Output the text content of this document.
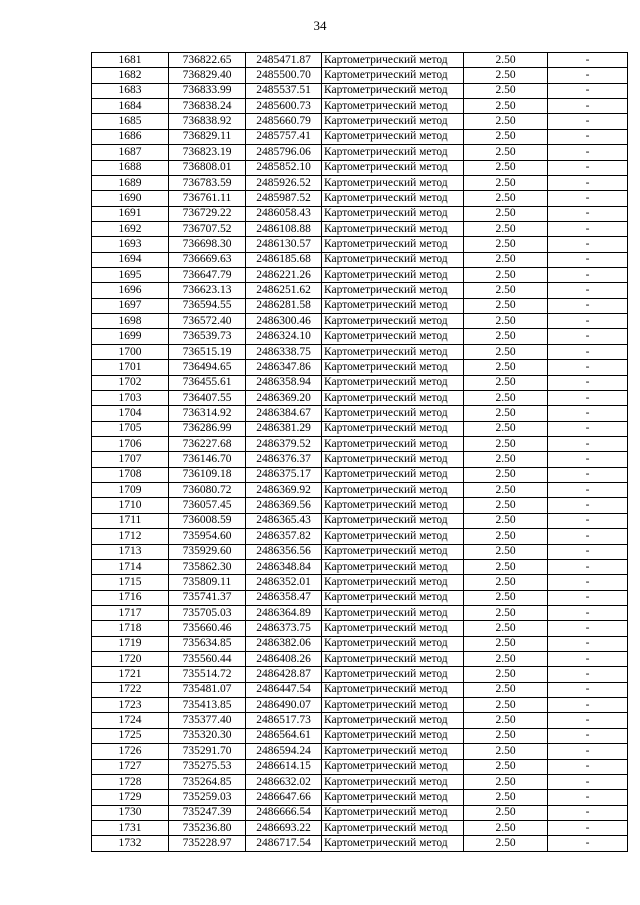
34
1681	736822.65	2485471.87	Картометрический метод	2.50	-
1682	736829.40	2485500.70	Картометрический метод	2.50	-
1683	736833.99	2485537.51	Картометрический метод	2.50	-
1684	736838.24	2485600.73	Картометрический метод	2.50	-
1685	736838.92	2485660.79	Картометрический метод	2.50	-
1686	736829.11	2485757.41	Картометрический метод	2.50	-
1687	736823.19	2485796.06	Картометрический метод	2.50	-
1688	736808.01	2485852.10	Картометрический метод	2.50	-
1689	736783.59	2485926.52	Картометрический метод	2.50	-
1690	736761.11	2485987.52	Картометрический метод	2.50	-
1691	736729.22	2486058.43	Картометрический метод	2.50	-
1692	736707.52	2486108.88	Картометрический метод	2.50	-
1693	736698.30	2486130.57	Картометрический метод	2.50	-
1694	736669.63	2486185.68	Картометрический метод	2.50	-
1695	736647.79	2486221.26	Картометрический метод	2.50	-
1696	736623.13	2486251.62	Картометрический метод	2.50	-
1697	736594.55	2486281.58	Картометрический метод	2.50	-
1698	736572.40	2486300.46	Картометрический метод	2.50	-
1699	736539.73	2486324.10	Картометрический метод	2.50	-
1700	736515.19	2486338.75	Картометрический метод	2.50	-
1701	736494.65	2486347.86	Картометрический метод	2.50	-
1702	736455.61	2486358.94	Картометрический метод	2.50	-
1703	736407.55	2486369.20	Картометрический метод	2.50	-
1704	736314.92	2486384.67	Картометрический метод	2.50	-
1705	736286.99	2486381.29	Картометрический метод	2.50	-
1706	736227.68	2486379.52	Картометрический метод	2.50	-
1707	736146.70	2486376.37	Картометрический метод	2.50	-
1708	736109.18	2486375.17	Картометрический метод	2.50	-
1709	736080.72	2486369.92	Картометрический метод	2.50	-
1710	736057.45	2486369.56	Картометрический метод	2.50	-
1711	736008.59	2486365.43	Картометрический метод	2.50	-
1712	735954.60	2486357.82	Картометрический метод	2.50	-
1713	735929.60	2486356.56	Картометрический метод	2.50	-
1714	735862.30	2486348.84	Картометрический метод	2.50	-
1715	735809.11	2486352.01	Картометрический метод	2.50	-
1716	735741.37	2486358.47	Картометрический метод	2.50	-
1717	735705.03	2486364.89	Картометрический метод	2.50	-
1718	735660.46	2486373.75	Картометрический метод	2.50	-
1719	735634.85	2486382.06	Картометрический метод	2.50	-
1720	735560.44	2486408.26	Картометрический метод	2.50	-
1721	735514.72	2486428.87	Картометрический метод	2.50	-
1722	735481.07	2486447.54	Картометрический метод	2.50	-
1723	735413.85	2486490.07	Картометрический метод	2.50	-
1724	735377.40	2486517.73	Картометрический метод	2.50	-
1725	735320.30	2486564.61	Картометрический метод	2.50	-
1726	735291.70	2486594.24	Картометрический метод	2.50	-
1727	735275.53	2486614.15	Картометрический метод	2.50	-
1728	735264.85	2486632.02	Картометрический метод	2.50	-
1729	735259.03	2486647.66	Картометрический метод	2.50	-
1730	735247.39	2486666.54	Картометрический метод	2.50	-
1731	735236.80	2486693.22	Картометрический метод	2.50	-
1732	735228.97	2486717.54	Картометрический метод	2.50	-
